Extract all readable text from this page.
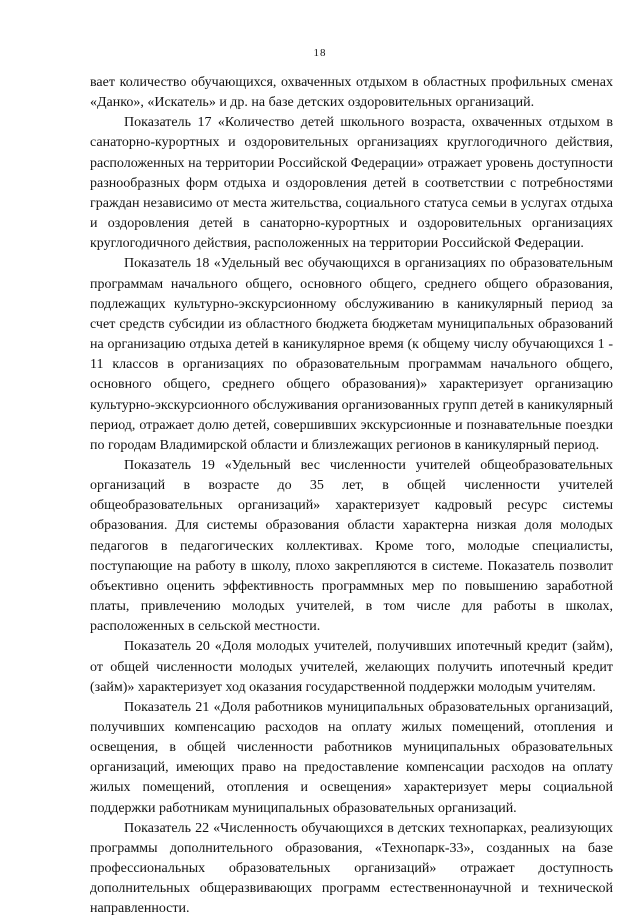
18

вает количество обучающихся, охваченных отдыхом в областных профильных сменах «Данко», «Искатель» и др. на базе детских оздоровительных организаций.

Показатель 17 «Количество детей школьного возраста, охваченных отдыхом в санаторно-курортных и оздоровительных организациях круглогодичного действия, расположенных на территории Российской Федерации» отражает уровень доступности разнообразных форм отдыха и оздоровления детей в соответствии с потребностями граждан независимо от места жительства, социального статуса семьи в услугах отдыха и оздоровления детей в санаторно-курортных и оздоровительных организациях круглогодичного действия, расположенных на территории Российской Федерации.

Показатель 18 «Удельный вес обучающихся в организациях по образовательным программам начального общего, основного общего, среднего общего образования, подлежащих культурно-экскурсионному обслуживанию в каникулярный период за счет средств субсидии из областного бюджета бюджетам муниципальных образований на организацию отдыха детей в каникулярное время (к общему числу обучающихся 1 - 11 классов в организациях по образовательным программам начального общего, основного общего, среднего общего образования)» характеризует организацию культурно-экскурсионного обслуживания организованных групп детей в каникулярный период, отражает долю детей, совершивших экскурсионные и познавательные поездки по городам Владимирской области и близлежащих регионов в каникулярный период.

Показатель 19 «Удельный вес численности учителей общеобразовательных организаций в возрасте до 35 лет, в общей численности учителей общеобразовательных организаций» характеризует кадровый ресурс системы образования. Для системы образования области характерна низкая доля молодых педагогов в педагогических коллективах. Кроме того, молодые специалисты, поступающие на работу в школу, плохо закрепляются в системе. Показатель позволит объективно оценить эффективность программных мер по повышению заработной платы, привлечению молодых учителей, в том числе для работы в школах, расположенных в сельской местности.

Показатель 20 «Доля молодых учителей, получивших ипотечный кредит (займ), от общей численности молодых учителей, желающих получить ипотечный кредит (займ)» характеризует ход оказания государственной поддержки молодым учителям.

Показатель 21 «Доля работников муниципальных образовательных организаций, получивших компенсацию расходов на оплату жилых помещений, отопления и освещения, в общей численности работников муниципальных образовательных организаций, имеющих право на предоставление компенсации расходов на оплату жилых помещений, отопления и освещения» характеризует меры социальной поддержки работникам муниципальных образовательных организаций.

Показатель 22 «Численность обучающихся в детских технопарках, реализующих программы дополнительного образования, «Технопарк-33», созданных на базе профессиональных образовательных организаций» отражает доступность дополнительных общеразвивающих программ естественнонаучной и технической направленности.
